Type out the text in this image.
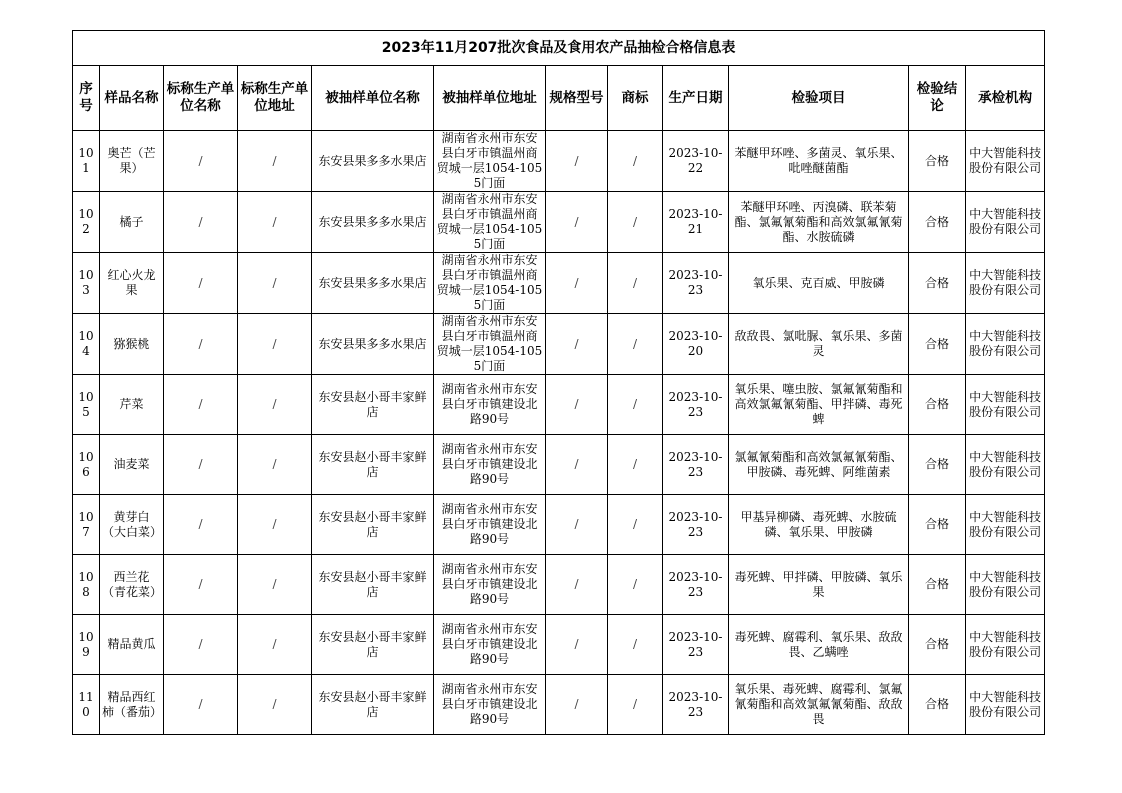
2023年11月207批次食品及食用农产品抽检合格信息表											
序号	样品名称	标称生产单位名称	标称生产单位地址	被抽样单位名称	被抽样单位地址	规格型号	商标	生产日期	检验项目	检验结论	承检机构
101	奥芒（芒果）	/	/	东安县果多多水果店	湖南省永州市东安县白牙市镇温州商贸城一层1054-1055门面	/	/	2023-10-22	苯醚甲环唑、多菌灵、氧乐果、吡唑醚菌酯	合格	中大智能科技股份有限公司
102	橘子	/	/	东安县果多多水果店	湖南省永州市东安县白牙市镇温州商贸城一层1054-1055门面	/	/	2023-10-21	苯醚甲环唑、丙溴磷、联苯菊酯、氯氟氰菊酯和高效氯氟氰菊酯、水胺硫磷	合格	中大智能科技股份有限公司
103	红心火龙果	/	/	东安县果多多水果店	湖南省永州市东安县白牙市镇温州商贸城一层1054-1055门面	/	/	2023-10-23	氧乐果、克百威、甲胺磷	合格	中大智能科技股份有限公司
104	猕猴桃	/	/	东安县果多多水果店	湖南省永州市东安县白牙市镇温州商贸城一层1054-1055门面	/	/	2023-10-20	敌敌畏、氯吡脲、氧乐果、多菌灵	合格	中大智能科技股份有限公司
105	芹菜	/	/	东安县赵小哥丰家鲜店	湖南省永州市东安县白牙市镇建设北路90号	/	/	2023-10-23	氧乐果、噻虫胺、氯氟氰菊酯和高效氯氟氰菊酯、甲拌磷、毒死蜱	合格	中大智能科技股份有限公司
106	油麦菜	/	/	东安县赵小哥丰家鲜店	湖南省永州市东安县白牙市镇建设北路90号	/	/	2023-10-23	氯氟氰菊酯和高效氯氟氰菊酯、甲胺磷、毒死蜱、阿维菌素	合格	中大智能科技股份有限公司
107	黄芽白（大白菜）	/	/	东安县赵小哥丰家鲜店	湖南省永州市东安县白牙市镇建设北路90号	/	/	2023-10-23	甲基异柳磷、毒死蜱、水胺硫磷、氧乐果、甲胺磷	合格	中大智能科技股份有限公司
108	西兰花（青花菜）	/	/	东安县赵小哥丰家鲜店	湖南省永州市东安县白牙市镇建设北路90号	/	/	2023-10-23	毒死蜱、甲拌磷、甲胺磷、氧乐果	合格	中大智能科技股份有限公司
109	精品黄瓜	/	/	东安县赵小哥丰家鲜店	湖南省永州市东安县白牙市镇建设北路90号	/	/	2023-10-23	毒死蜱、腐霉利、氧乐果、敌敌畏、乙螨唑	合格	中大智能科技股份有限公司
110	精品西红柿（番茄）	/	/	东安县赵小哥丰家鲜店	湖南省永州市东安县白牙市镇建设北路90号	/	/	2023-10-23	氧乐果、毒死蜱、腐霉利、氯氟氰菊酯和高效氯氟氰菊酯、敌敌畏	合格	中大智能科技股份有限公司
